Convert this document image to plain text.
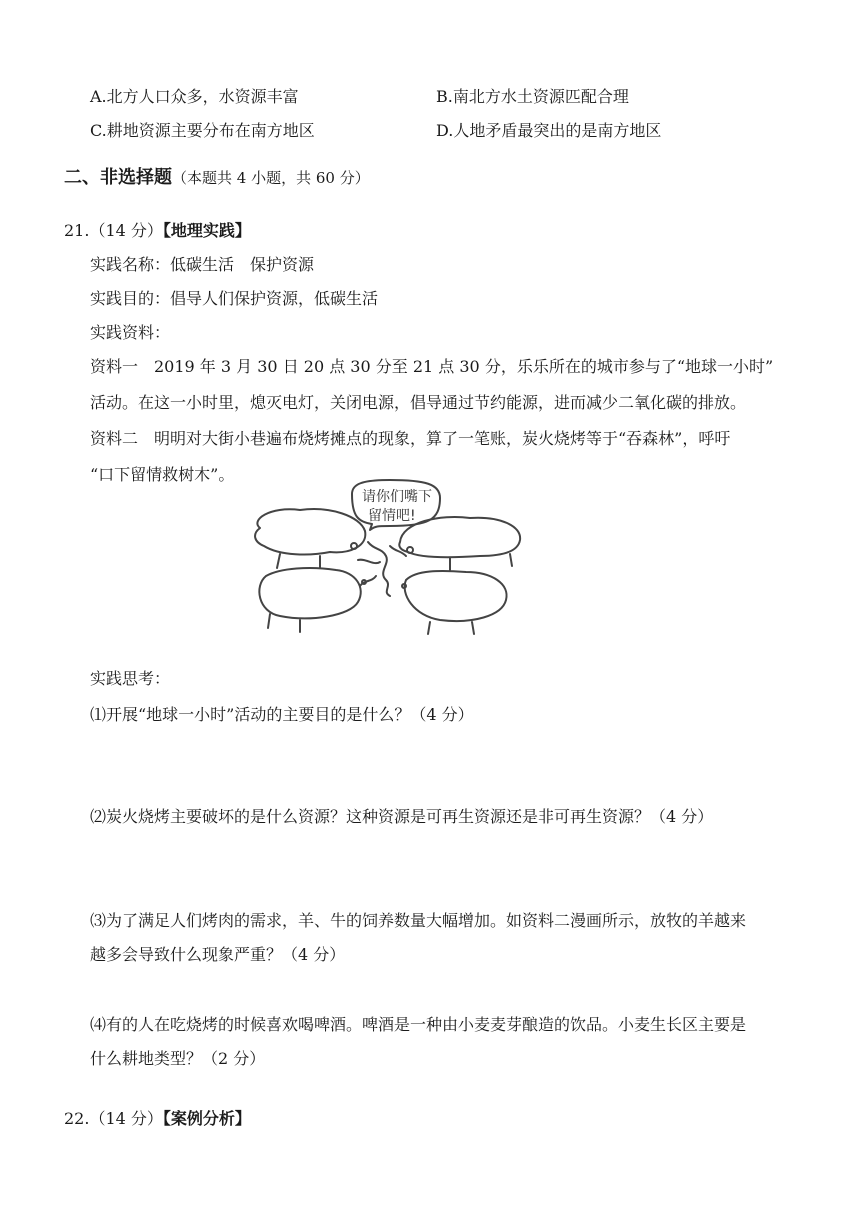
A.北方人口众多，水资源丰富	B.南北方水土资源匹配合理
C.耕地资源主要分布在南方地区	D.人地矛盾最突出的是南方地区
二、非选择题（本题共 4 小题，共 60 分）
21.（14 分）【地理实践】
实践名称：低碳生活　保护资源
实践目的：倡导人们保护资源，低碳生活
实践资料：
资料一　2019 年 3 月 30 日 20 点 30 分至 21 点 30 分，乐乐所在的城市参与了“地球一小时”
活动。在这一小时里，熄灭电灯，关闭电源，倡导通过节约能源，进而减少二氧化碳的排放。
资料二　明明对大街小巷遍布烧烤摊点的现象，算了一笔账，炭火烧烤等于“吞森林”，呼吁
“口下留情救树木”。
请你们嘴下
留情吧!
实践思考：
⑴开展“地球一小时”活动的主要目的是什么？（4 分）
⑵炭火烧烤主要破坏的是什么资源？这种资源是可再生资源还是非可再生资源？（4 分）
⑶为了满足人们烤肉的需求，羊、牛的饲养数量大幅增加。如资料二漫画所示，放牧的羊越来
越多会导致什么现象严重？（4 分）
⑷有的人在吃烧烤的时候喜欢喝啤酒。啤酒是一种由小麦麦芽酿造的饮品。小麦生长区主要是
什么耕地类型？（2 分）
22.（14 分）【案例分析】
